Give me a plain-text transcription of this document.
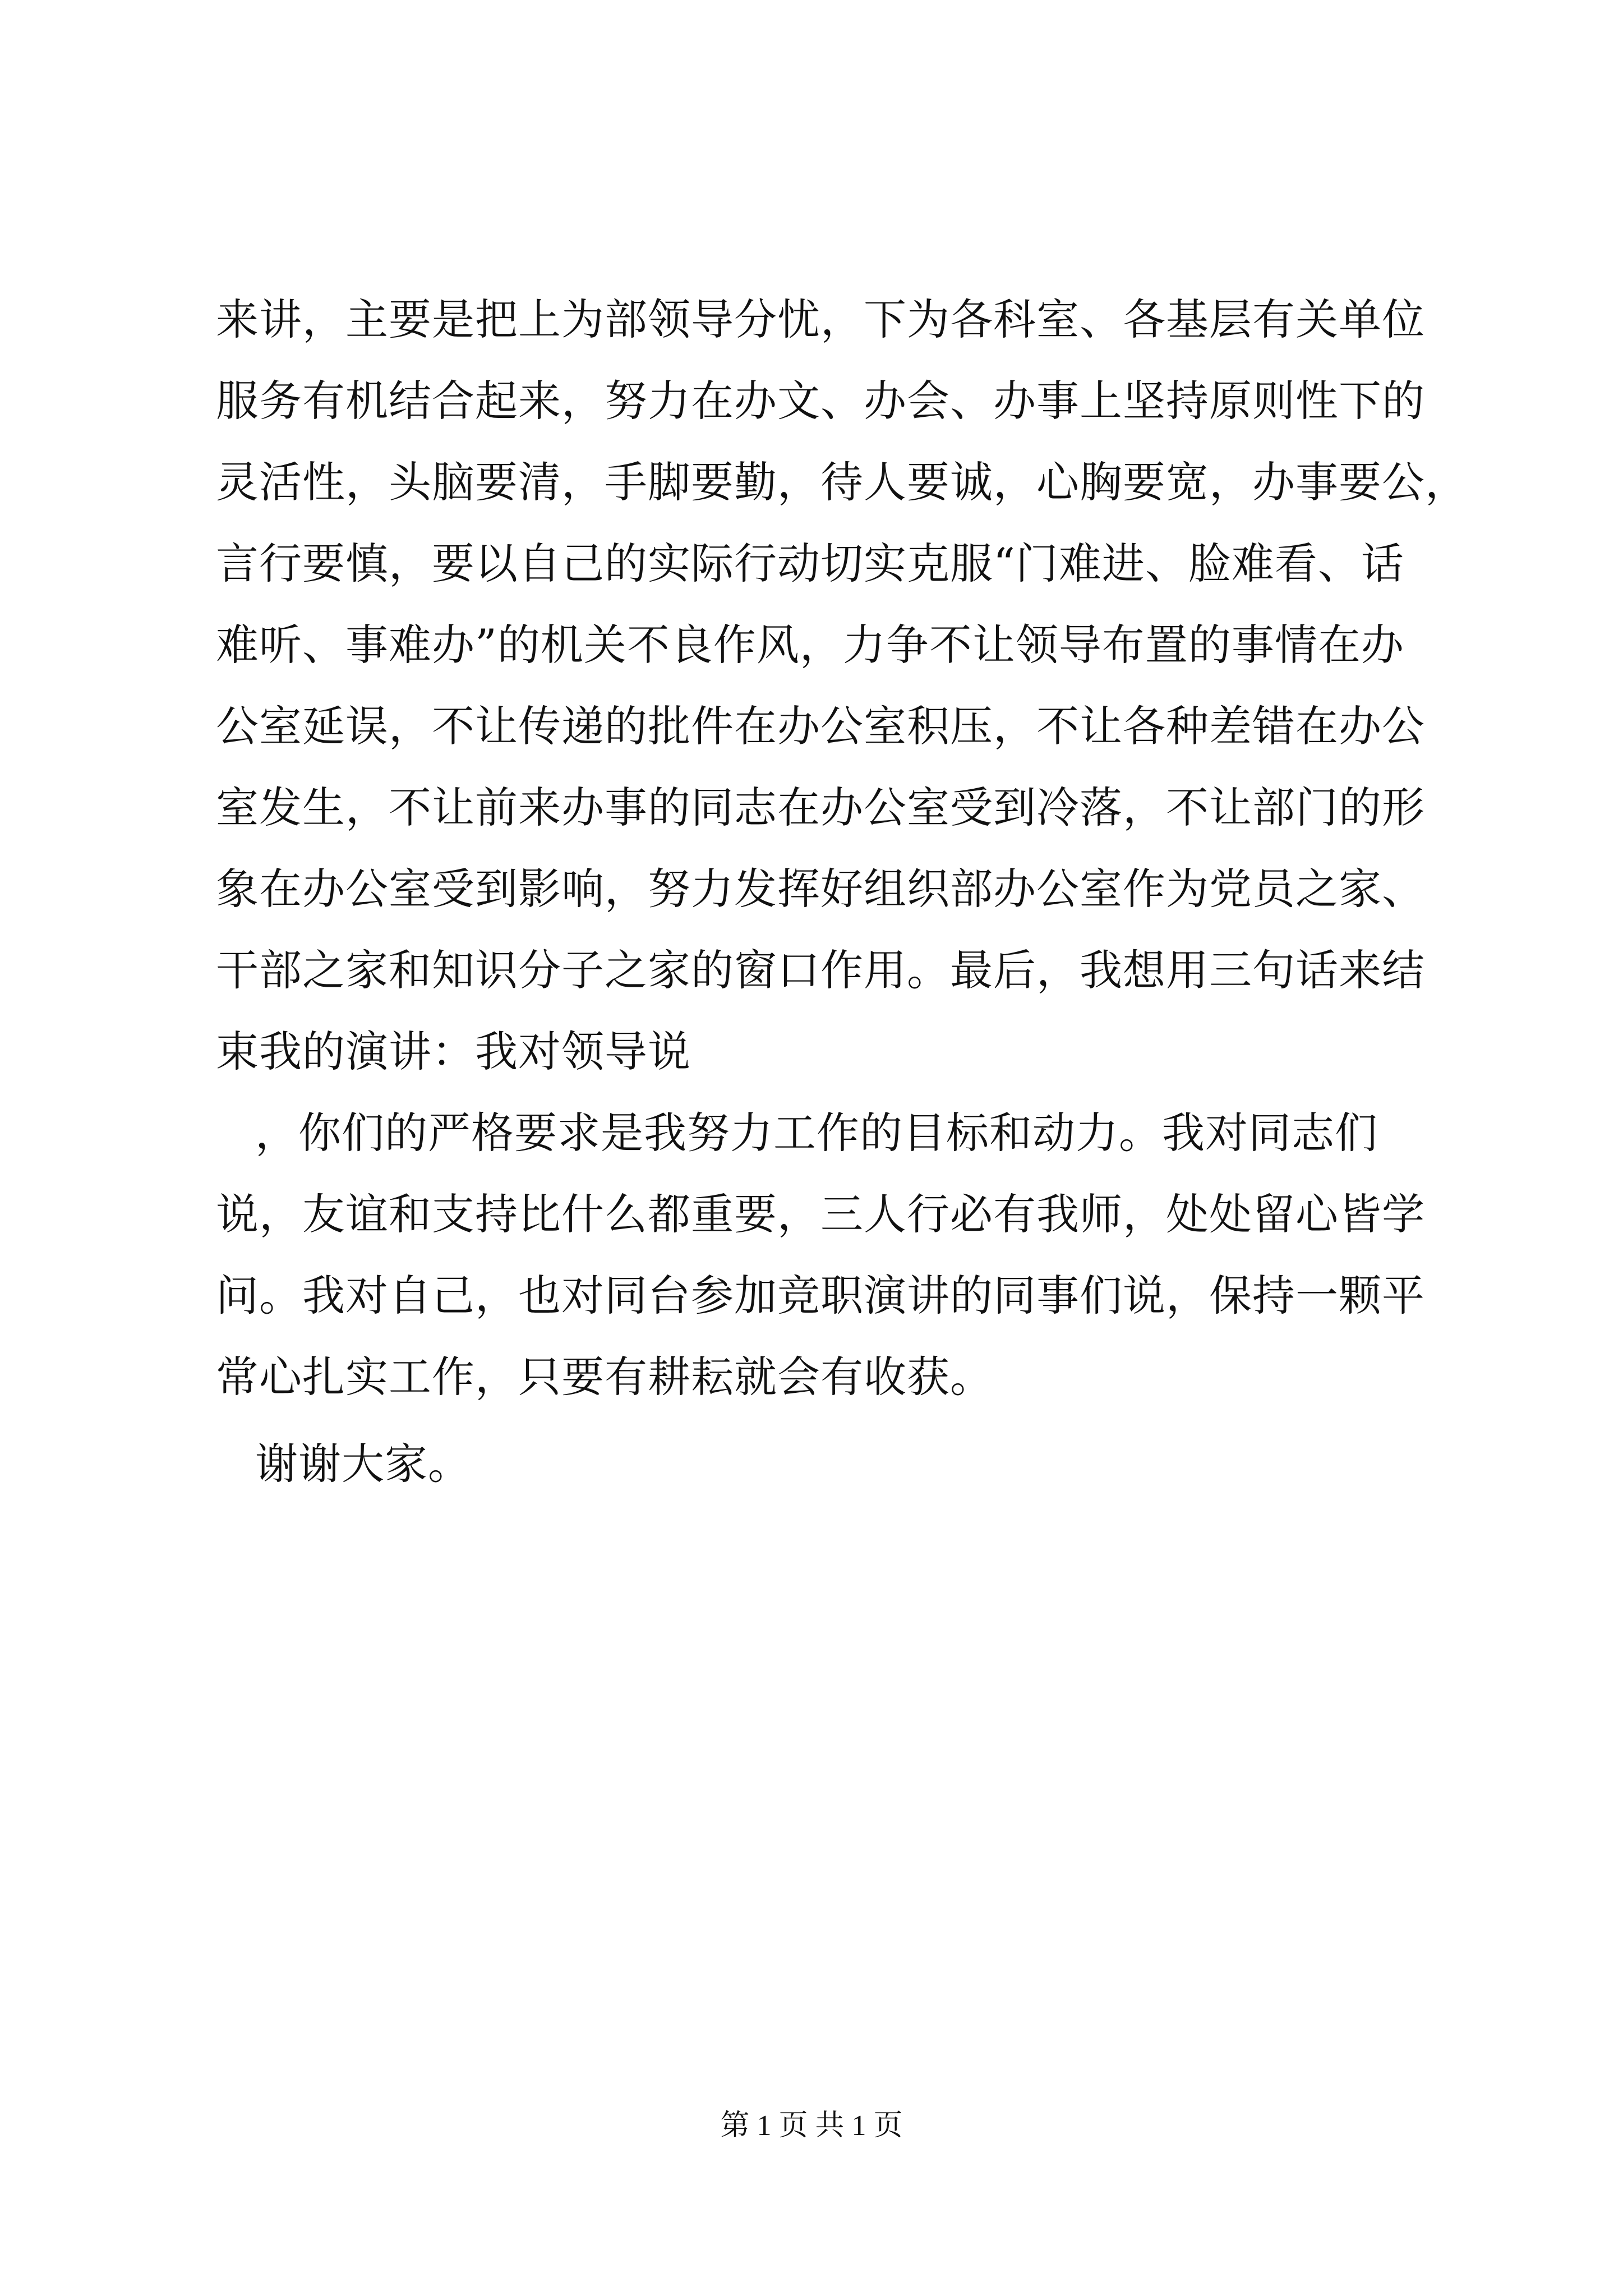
来讲，主要是把上为部领导分忧，下为各科室、各基层有关单位
服务有机结合起来，努力在办文、办会、办事上坚持原则性下的
灵活性，头脑要清，手脚要勤，待人要诚，心胸要宽，办事要公，
言行要慎，要以自己的实际行动切实克服“门难进、脸难看、话
难听、事难办”的机关不良作风，力争不让领导布置的事情在办
公室延误，不让传递的批件在办公室积压，不让各种差错在办公
室发生，不让前来办事的同志在办公室受到冷落，不让部门的形
象在办公室受到影响，努力发挥好组织部办公室作为党员之家、
干部之家和知识分子之家的窗口作用。最后，我想用三句话来结
束我的演讲：我对领导说
，你们的严格要求是我努力工作的目标和动力。我对同志们
说，友谊和支持比什么都重要，三人行必有我师，处处留心皆学
问。我对自己，也对同台参加竞职演讲的同事们说，保持一颗平
常心扎实工作，只要有耕耘就会有收获。
谢谢大家。
第 1 页 共 1 页
